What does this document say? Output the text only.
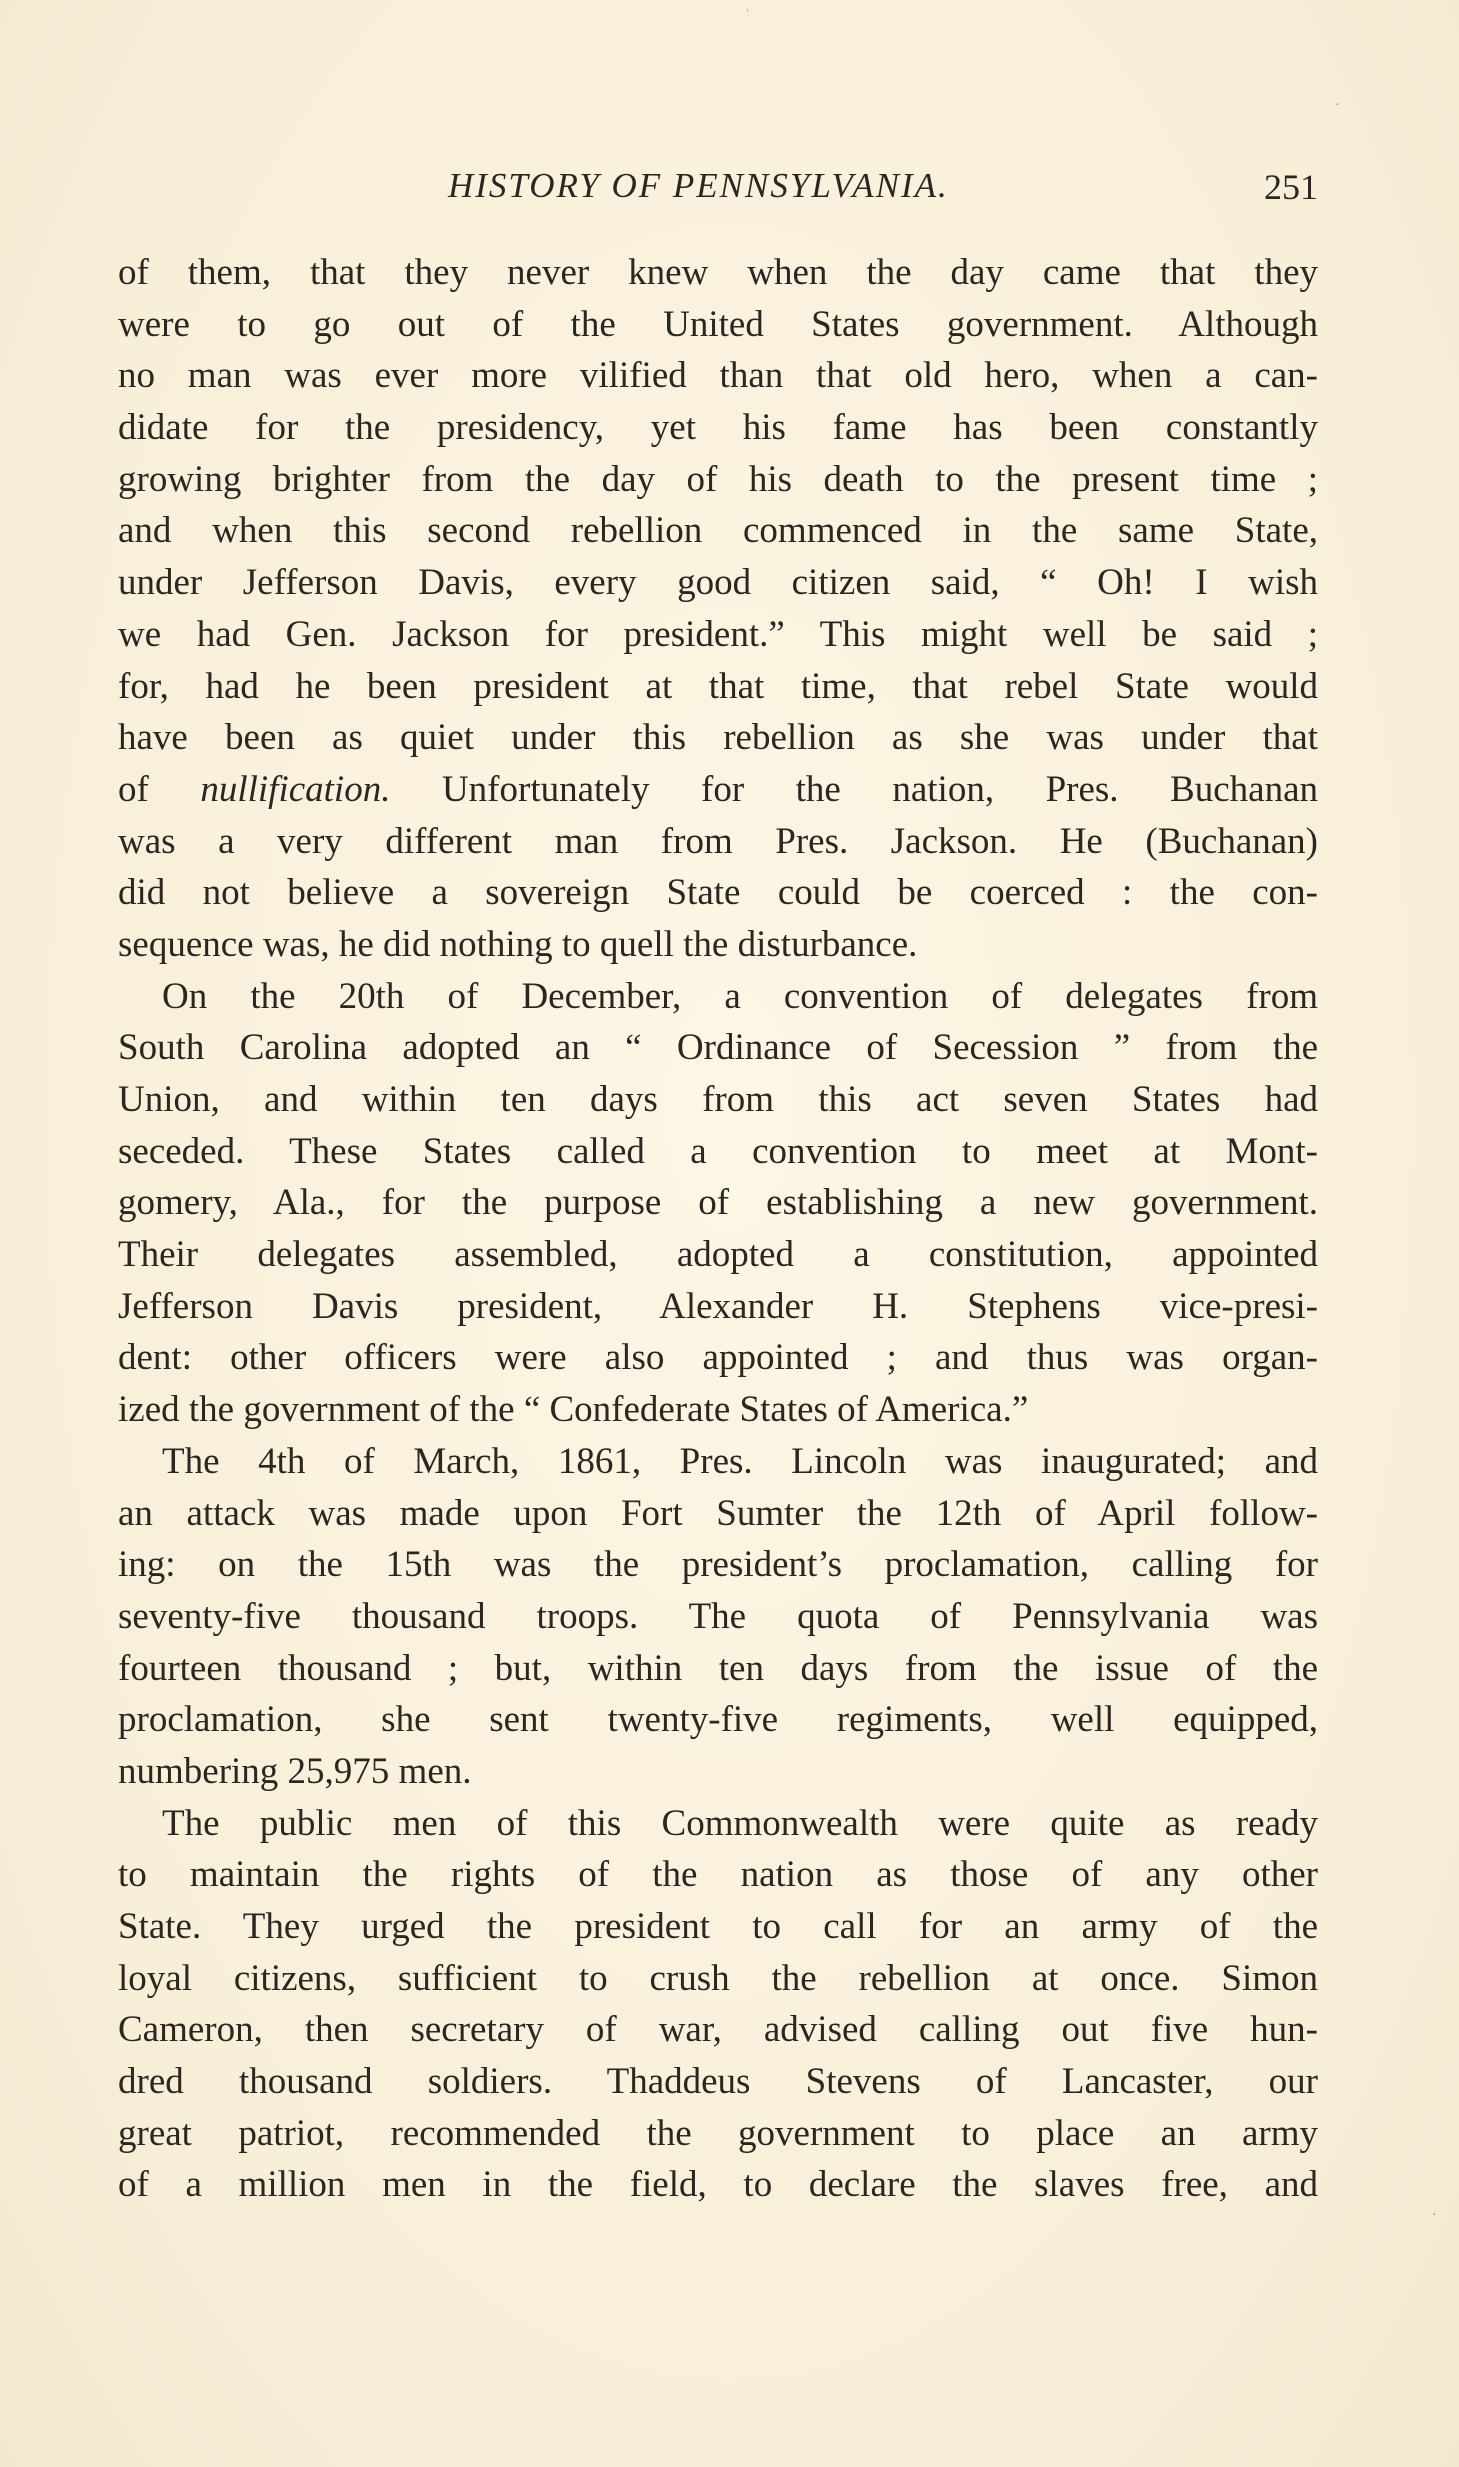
ˈ
·
·
HISTORY OF PENNSYLVANIA.	251
of them, that they never knew when the day came that they
were to go out of the United States government. Although
no man was ever more vilified than that old hero, when a can-
didate for the presidency, yet his fame has been constantly
growing brighter from the day of his death to the present time ;
and when this second rebellion commenced in the same State,
under Jefferson Davis, every good citizen said, “ Oh! I wish
we had Gen. Jackson for president.” This might well be said ;
for, had he been president at that time, that rebel State would
have been as quiet under this rebellion as she was under that
of nullification. Unfortunately for the nation, Pres. Buchanan
was a very different man from Pres. Jackson. He (Buchanan)
did not believe a sovereign State could be coerced : the con-
sequence was, he did nothing to quell the disturbance.
On the 20th of December, a convention of delegates from
South Carolina adopted an “ Ordinance of Secession ” from the
Union, and within ten days from this act seven States had
seceded. These States called a convention to meet at Mont-
gomery, Ala., for the purpose of establishing a new government.
Their delegates assembled, adopted a constitution, appointed
Jefferson Davis president, Alexander H. Stephens vice-presi-
dent: other officers were also appointed ; and thus was organ-
ized the government of the “ Confederate States of America.”
The 4th of March, 1861, Pres. Lincoln was inaugurated; and
an attack was made upon Fort Sumter the 12th of April follow-
ing: on the 15th was the president’s proclamation, calling for
seventy-five thousand troops. The quota of Pennsylvania was
fourteen thousand ; but, within ten days from the issue of the
proclamation, she sent twenty-five regiments, well equipped,
numbering 25,975 men.
The public men of this Commonwealth were quite as ready
to maintain the rights of the nation as those of any other
State. They urged the president to call for an army of the
loyal citizens, sufficient to crush the rebellion at once. Simon
Cameron, then secretary of war, advised calling out five hun-
dred thousand soldiers. Thaddeus Stevens of Lancaster, our
great patriot, recommended the government to place an army
of a million men in the field, to declare the slaves free, and
